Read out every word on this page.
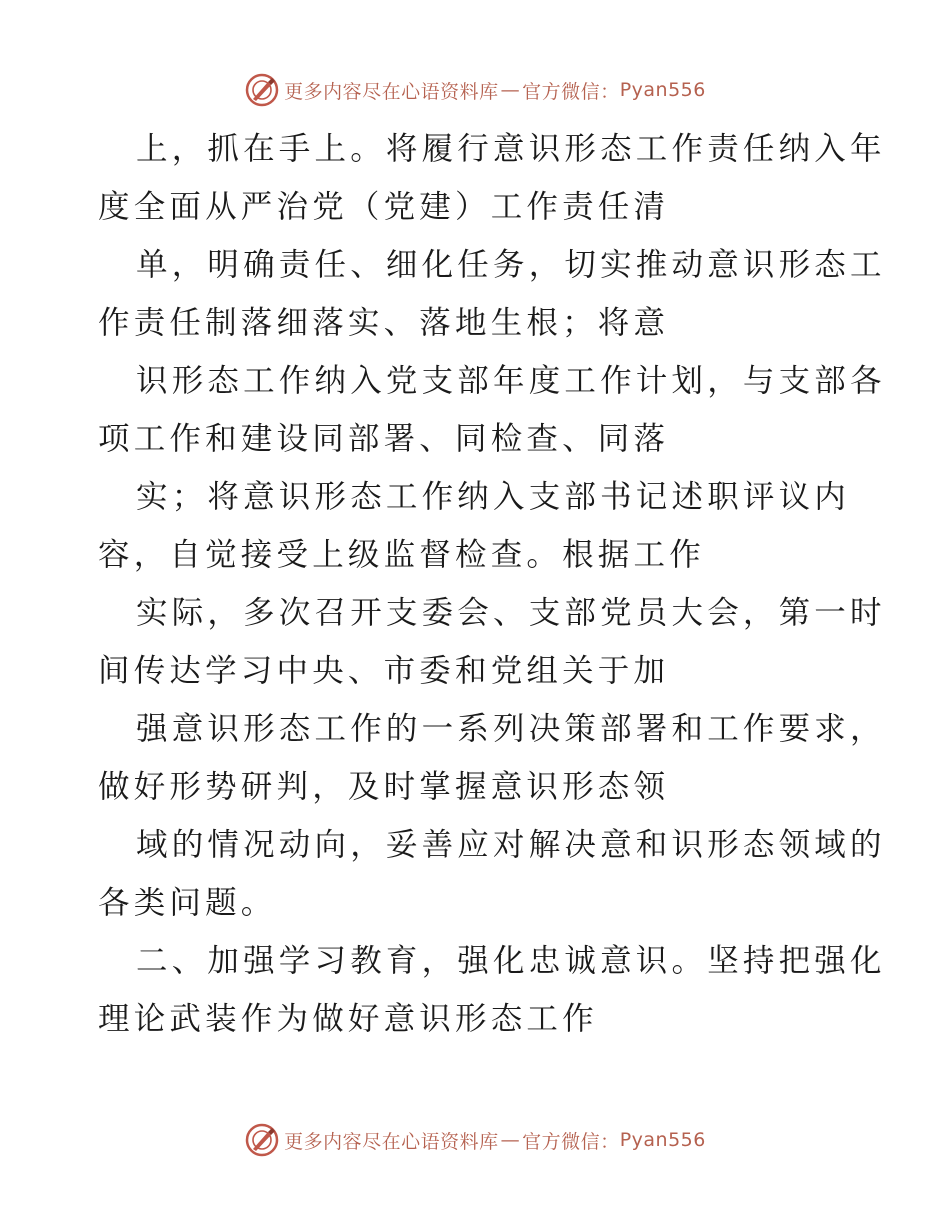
更多内容尽在心语资料库 — 官方微信： Pyan556

上，抓在手上。将履行意识形态工作责任纳入年

度全面从严治党（党建）工作责任清

单，明确责任、细化任务，切实推动意识形态工

作责任制落细落实、落地生根；将意

识形态工作纳入党支部年度工作计划，与支部各

项工作和建设同部署、同检查、同落

实；将意识形态工作纳入支部书记述职评议内

容，自觉接受上级监督检查。根据工作

实际，多次召开支委会、支部党员大会，第一时

间传达学习中央、市委和党组关于加

强意识形态工作的一系列决策部署和工作要求，

做好形势研判，及时掌握意识形态领

域的情况动向，妥善应对解决意和识形态领域的

各类问题。

二、加强学习教育，强化忠诚意识。坚持把强化

理论武装作为做好意识形态工作

更多内容尽在心语资料库 — 官方微信： Pyan556
